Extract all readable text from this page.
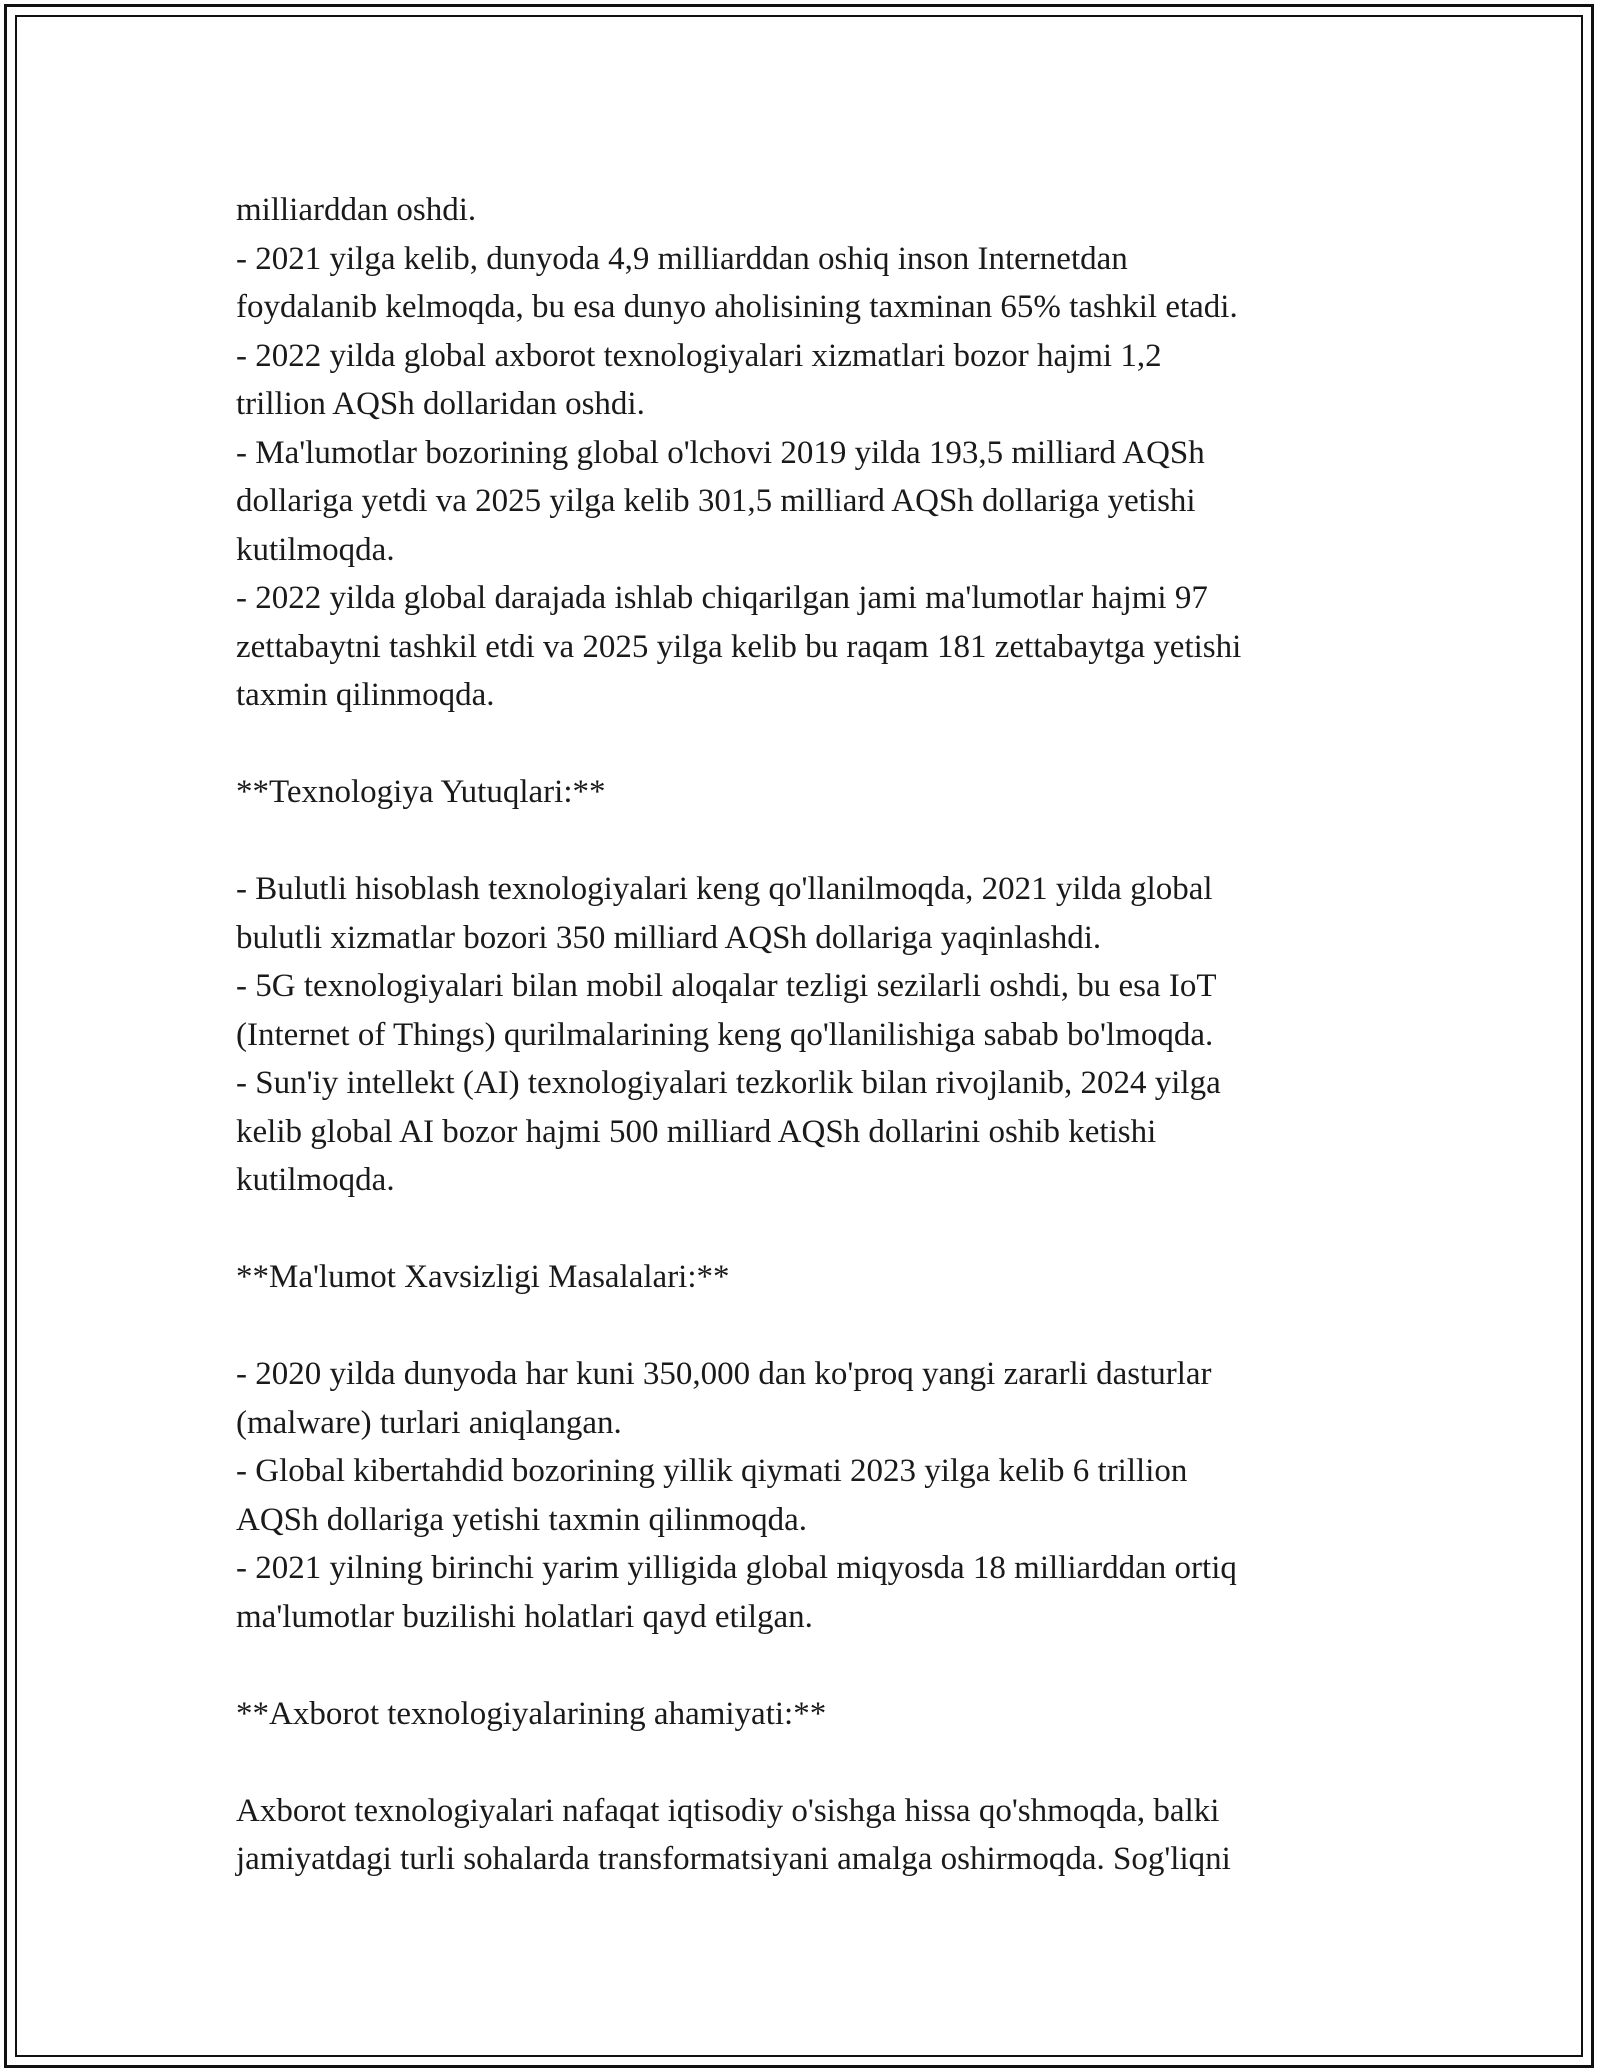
milliarddan oshdi.
- 2021 yilga kelib, dunyoda 4,9 milliarddan oshiq inson Internetdan
foydalanib kelmoqda, bu esa dunyo aholisining taxminan 65% tashkil etadi.
- 2022 yilda global axborot texnologiyalari xizmatlari bozor hajmi 1,2
trillion AQSh dollaridan oshdi.
- Ma'lumotlar bozorining global o'lchovi 2019 yilda 193,5 milliard AQSh
dollariga yetdi va 2025 yilga kelib 301,5 milliard AQSh dollariga yetishi
kutilmoqda.
- 2022 yilda global darajada ishlab chiqarilgan jami ma'lumotlar hajmi 97
zettabaytni tashkil etdi va 2025 yilga kelib bu raqam 181 zettabaytga yetishi
taxmin qilinmoqda.
**Texnologiya Yutuqlari:**
- Bulutli hisoblash texnologiyalari keng qo'llanilmoqda, 2021 yilda global
bulutli xizmatlar bozori 350 milliard AQSh dollariga yaqinlashdi.
- 5G texnologiyalari bilan mobil aloqalar tezligi sezilarli oshdi, bu esa IoT
(Internet of Things) qurilmalarining keng qo'llanilishiga sabab bo'lmoqda.
- Sun'iy intellekt (AI) texnologiyalari tezkorlik bilan rivojlanib, 2024 yilga
kelib global AI bozor hajmi 500 milliard AQSh dollarini oshib ketishi
kutilmoqda.
**Ma'lumot Xavsizligi Masalalari:**
- 2020 yilda dunyoda har kuni 350,000 dan ko'proq yangi zararli dasturlar
(malware) turlari aniqlangan.
- Global kibertahdid bozorining yillik qiymati 2023 yilga kelib 6 trillion
AQSh dollariga yetishi taxmin qilinmoqda.
- 2021 yilning birinchi yarim yilligida global miqyosda 18 milliarddan ortiq
ma'lumotlar buzilishi holatlari qayd etilgan.
**Axborot texnologiyalarining ahamiyati:**
Axborot texnologiyalari nafaqat iqtisodiy o'sishga hissa qo'shmoqda, balki
jamiyatdagi turli sohalarda transformatsiyani amalga oshirmoqda. Sog'liqni
